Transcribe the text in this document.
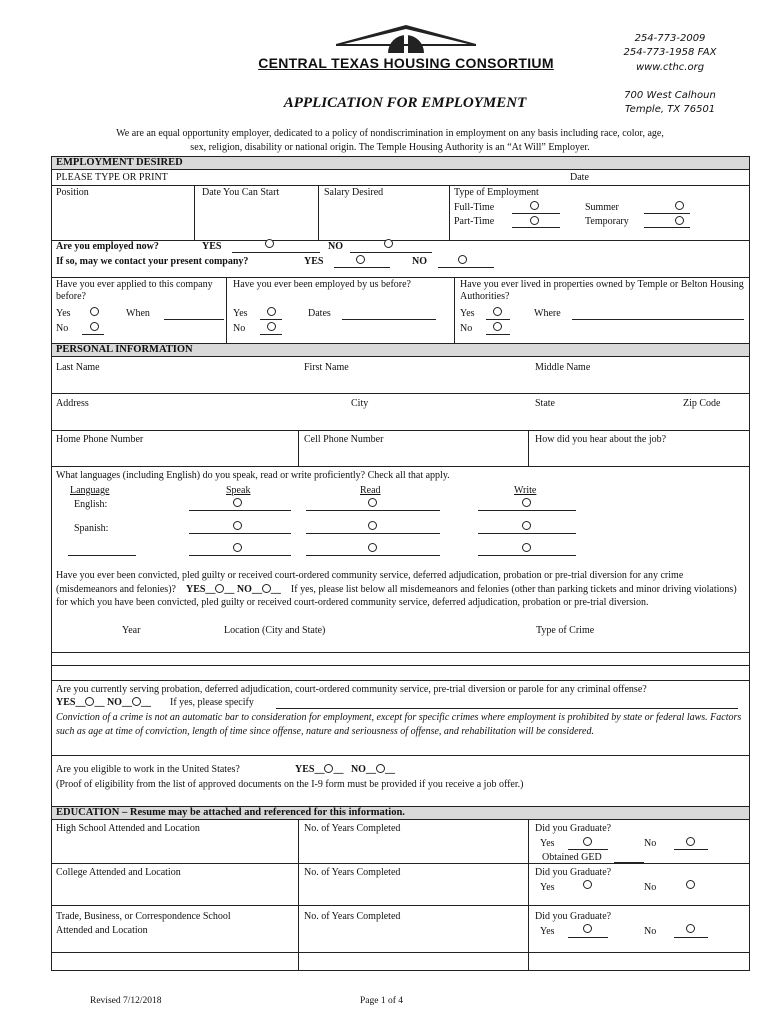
CENTRAL TEXAS HOUSING CONSORTIUM
254-773-2009
254-773-1958 FAX
www.cthc.org
700 West Calhoun
Temple, TX 76501
APPLICATION FOR EMPLOYMENT
We are an equal opportunity employer, dedicated to a policy of nondiscrimination in employment on any basis including race, color, age,
sex, religion, disability or national origin. The Temple Housing Authority is an “At Will” Employer.
EMPLOYMENT DESIRED
PLEASE TYPE OR PRINT	Date
Position	Date You Can Start	Salary Desired	Type of Employment
Full-Time	Summer
Part-Time	Temporary
Are you employed now?	YES	NO
If so, may we contact your present company?	YES	NO
Have you ever applied to this company before?
Yes	When
No
Have you ever been employed by us before?
Yes	Dates
No
Have you ever lived in properties owned by Temple or Belton Housing Authorities?
Yes	Where
No
PERSONAL INFORMATION
Last Name	First Name	Middle Name
Address	City	State	Zip Code
Home Phone Number	Cell Phone Number	How did you hear about the job?
What languages (including English) do you speak, read or write proficiently? Check all that apply.
Language	Speak	Read	Write
English:
Spanish:
Have you ever been convicted, pled guilty or received court-ordered community service, deferred adjudication, probation or pre-trial diversion for any crime (misdemeanors and felonies)? YES__ __ NO__ __ If yes, please list below all misdemeanors and felonies (other than parking tickets and minor driving violations) for which you have been convicted, pled guilty or received court-ordered community service, deferred adjudication, probation or pre-trial diversion.
Year	Location (City and State)	Type of Crime
Are you currently serving probation, deferred adjudication, court-ordered community service, pre-trial diversion or parole for any criminal offense?
YES__ __ NO__ __ If yes, please specify
Conviction of a crime is not an automatic bar to consideration for employment, except for specific crimes where employment is prohibited by state or federal laws. Factors such as age at time of conviction, length of time since offense, nature and seriousness of offense, and rehabilitation will be considered.
Are you eligible to work in the United States?	YES__ __   NO__ __
(Proof of eligibility from the list of approved documents on the I-9 form must be provided if you receive a job offer.)
EDUCATION – Resume may be attached and referenced for this information.
High School Attended and Location	No. of Years Completed	Did you Graduate?
Yes	No
Obtained GED
College Attended and Location	No. of Years Completed	Did you Graduate?
Yes	No
Trade, Business, or Correspondence School
Attended and Location
No. of Years Completed	Did you Graduate?
Yes	No
Revised 7/12/2018	Page 1 of 4
